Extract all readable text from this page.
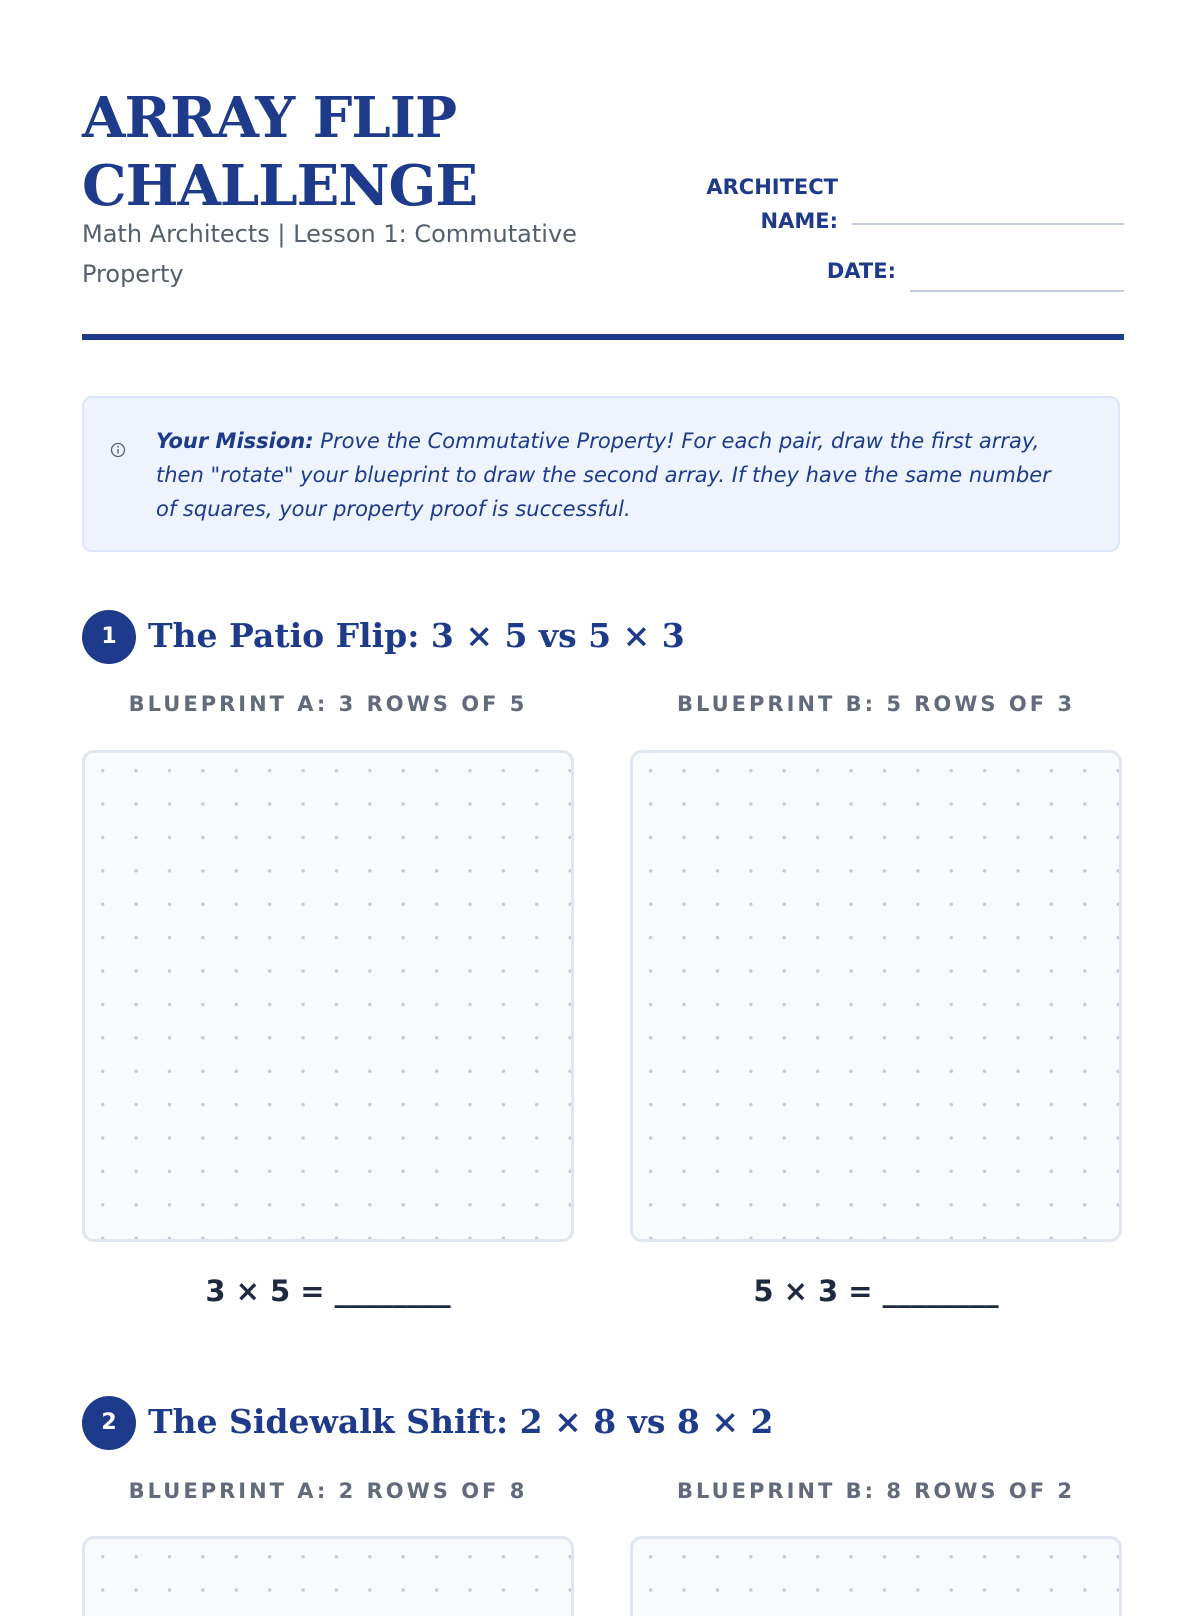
ARRAY FLIP
CHALLENGE
Math Architects | Lesson 1: Commutative Property
ARCHITECT
NAME:
DATE:
Your Mission: Prove the Commutative Property! For each pair, draw the first array, then "rotate" your blueprint to draw the second array. If they have the same number of squares, your property proof is successful.
1 The Patio Flip: 3 × 5 vs 5 × 3
BLUEPRINT A: 3 ROWS OF 5	BLUEPRINT B: 5 ROWS OF 3
3 × 5 = ________	5 × 3 = ________
2 The Sidewalk Shift: 2 × 8 vs 8 × 2
BLUEPRINT A: 2 ROWS OF 8	BLUEPRINT B: 8 ROWS OF 2
